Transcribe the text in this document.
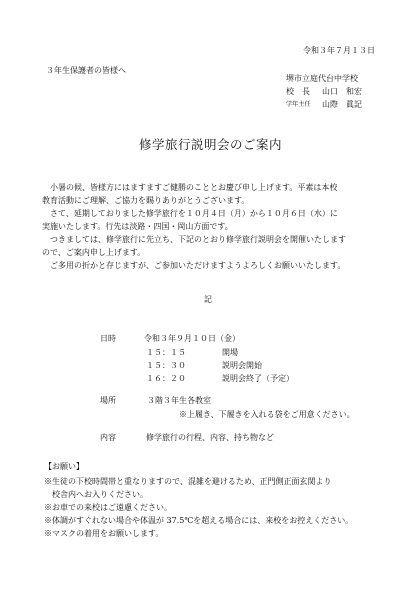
令和３年７月１３日
３年生保護者の皆様へ
堺市立庭代台中学校
校　長 山口　和宏
学年主任 山際　眞記
修学旅行説明会のご案内
　小暑の候、皆様方にはますますご健勝のこととお慶び申し上げます。平素は本校
教育活動にご理解、ご協力を賜りありがとうございます。
　さて、延期しておりました修学旅行を１０月４日（月）から１０月６日（水）に
実施いたします。行先は淡路・四国・岡山方面です。
　つきましては、修学旅行に先立ち、下記のとおり修学旅行説明会を開催いたします
ので、ご案内申し上げます。
　ご多用の折かと存じますが、ご参加いただけますようよろしくお願いいたします。
記
日時	令和３年９月１０日（金）
１５：１５	開場
１５：３０	説明会開始
１６：２０	説明会終了（予定）
場所	３階３年生各教室
※上履き、下履きを入れる袋をご用意ください。
内容	修学旅行の行程、内容、持ち物など
【お願い】
※生徒の下校時間帯と重なりますので、混雑を避けるため、正門側正面玄関より
　校舎内へお入りください。
※お車での来校はご遠慮ください。
※体調がすぐれない場合や体温が 37.5℃を超える場合には、来校をお控えください。
※マスクの着用をお願いします。
